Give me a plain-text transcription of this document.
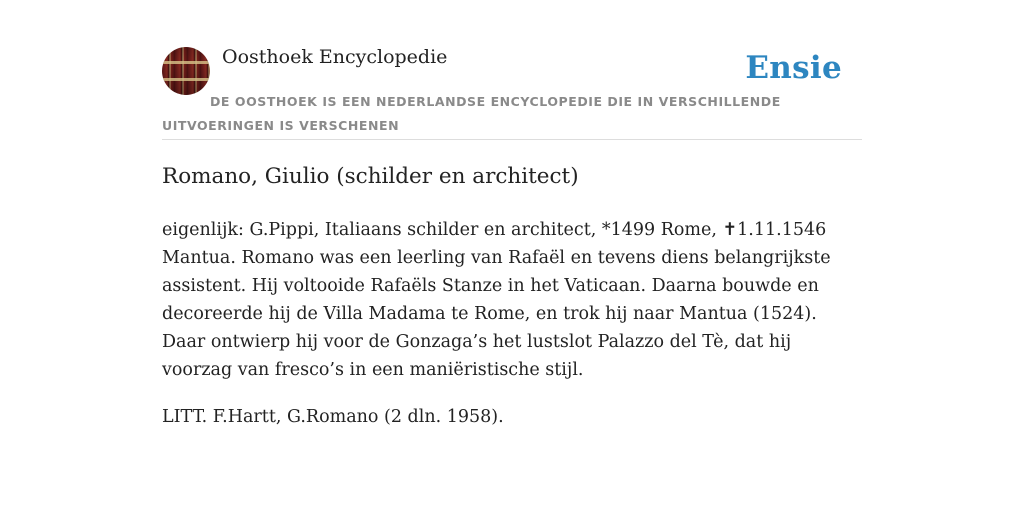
Oosthoek Encyclopedie	Ensie
DE OOSTHOEK IS EEN NEDERLANDSE ENCYCLOPEDIE DIE IN VERSCHILLENDE UITVOERINGEN IS VERSCHENEN
Romano, Giulio (schilder en architect)

eigenlijk: G.Pippi, Italiaans schilder en architect, *1499 Rome, ✝1.11.1546 Mantua. Romano was een leerling van Rafaël en tevens diens belangrijkste assistent. Hij voltooide Rafaëls Stanze in het Vaticaan. Daarna bouwde en decoreerde hij de Villa Madama te Rome, en trok hij naar Mantua (1524). Daar ontwierp hij voor de Gonzaga’s het lustslot Palazzo del Tè, dat hij voorzag van fresco’s in een maniëristische stijl.

LITT. F.Hartt, G.Romano (2 dln. 1958).
